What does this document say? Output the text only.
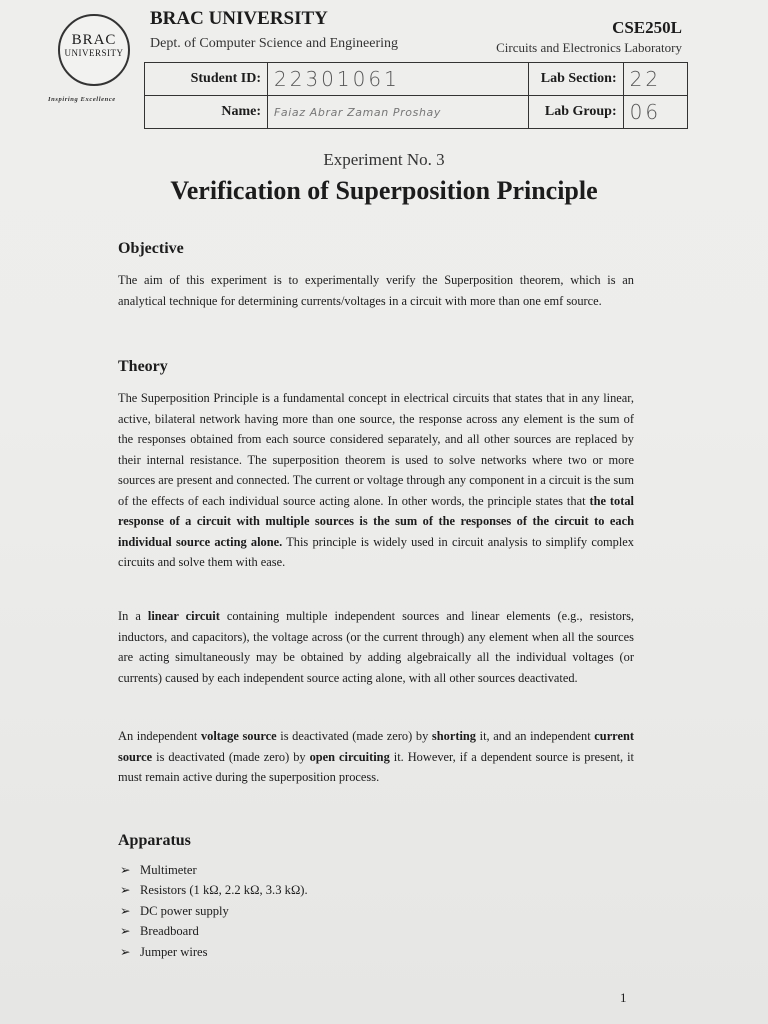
BRAC
UNIVERSITY
Inspiring Excellence
BRAC UNIVERSITY
Dept. of Computer Science and Engineering
CSE250L
Circuits and Electronics Laboratory
Student ID:	22301061	Lab Section:	22
Name:	Faiaz Abrar Zaman Proshay	Lab Group:	06
Experiment No. 3
Verification of Superposition Principle
Objective

The aim of this experiment is to experimentally verify the Superposition theorem, which is an analytical technique for determining currents/voltages in a circuit with more than one emf source.

Theory

The Superposition Principle is a fundamental concept in electrical circuits that states that in any linear, active, bilateral network having more than one source, the response across any element is the sum of the responses obtained from each source considered separately, and all other sources are replaced by their internal resistance. The superposition theorem is used to solve networks where two or more sources are present and connected. The current or voltage through any component in a circuit is the sum of the effects of each individual source acting alone. In other words, the principle states that the total response of a circuit with multiple sources is the sum of the responses of the circuit to each individual source acting alone. This principle is widely used in circuit analysis to simplify complex circuits and solve them with ease.

In a linear circuit containing multiple independent sources and linear elements (e.g., resistors, inductors, and capacitors), the voltage across (or the current through) any element when all the sources are acting simultaneously may be obtained by adding algebraically all the individual voltages (or currents) caused by each independent source acting alone, with all other sources deactivated.

An independent voltage source is deactivated (made zero) by shorting it, and an independent current source is deactivated (made zero) by open circuiting it. However, if a dependent source is present, it must remain active during the superposition process.

Apparatus
➢ Multimeter
➢ Resistors (1 kΩ, 2.2 kΩ, 3.3 kΩ).
➢ DC power supply
➢ Breadboard
➢ Jumper wires
1
